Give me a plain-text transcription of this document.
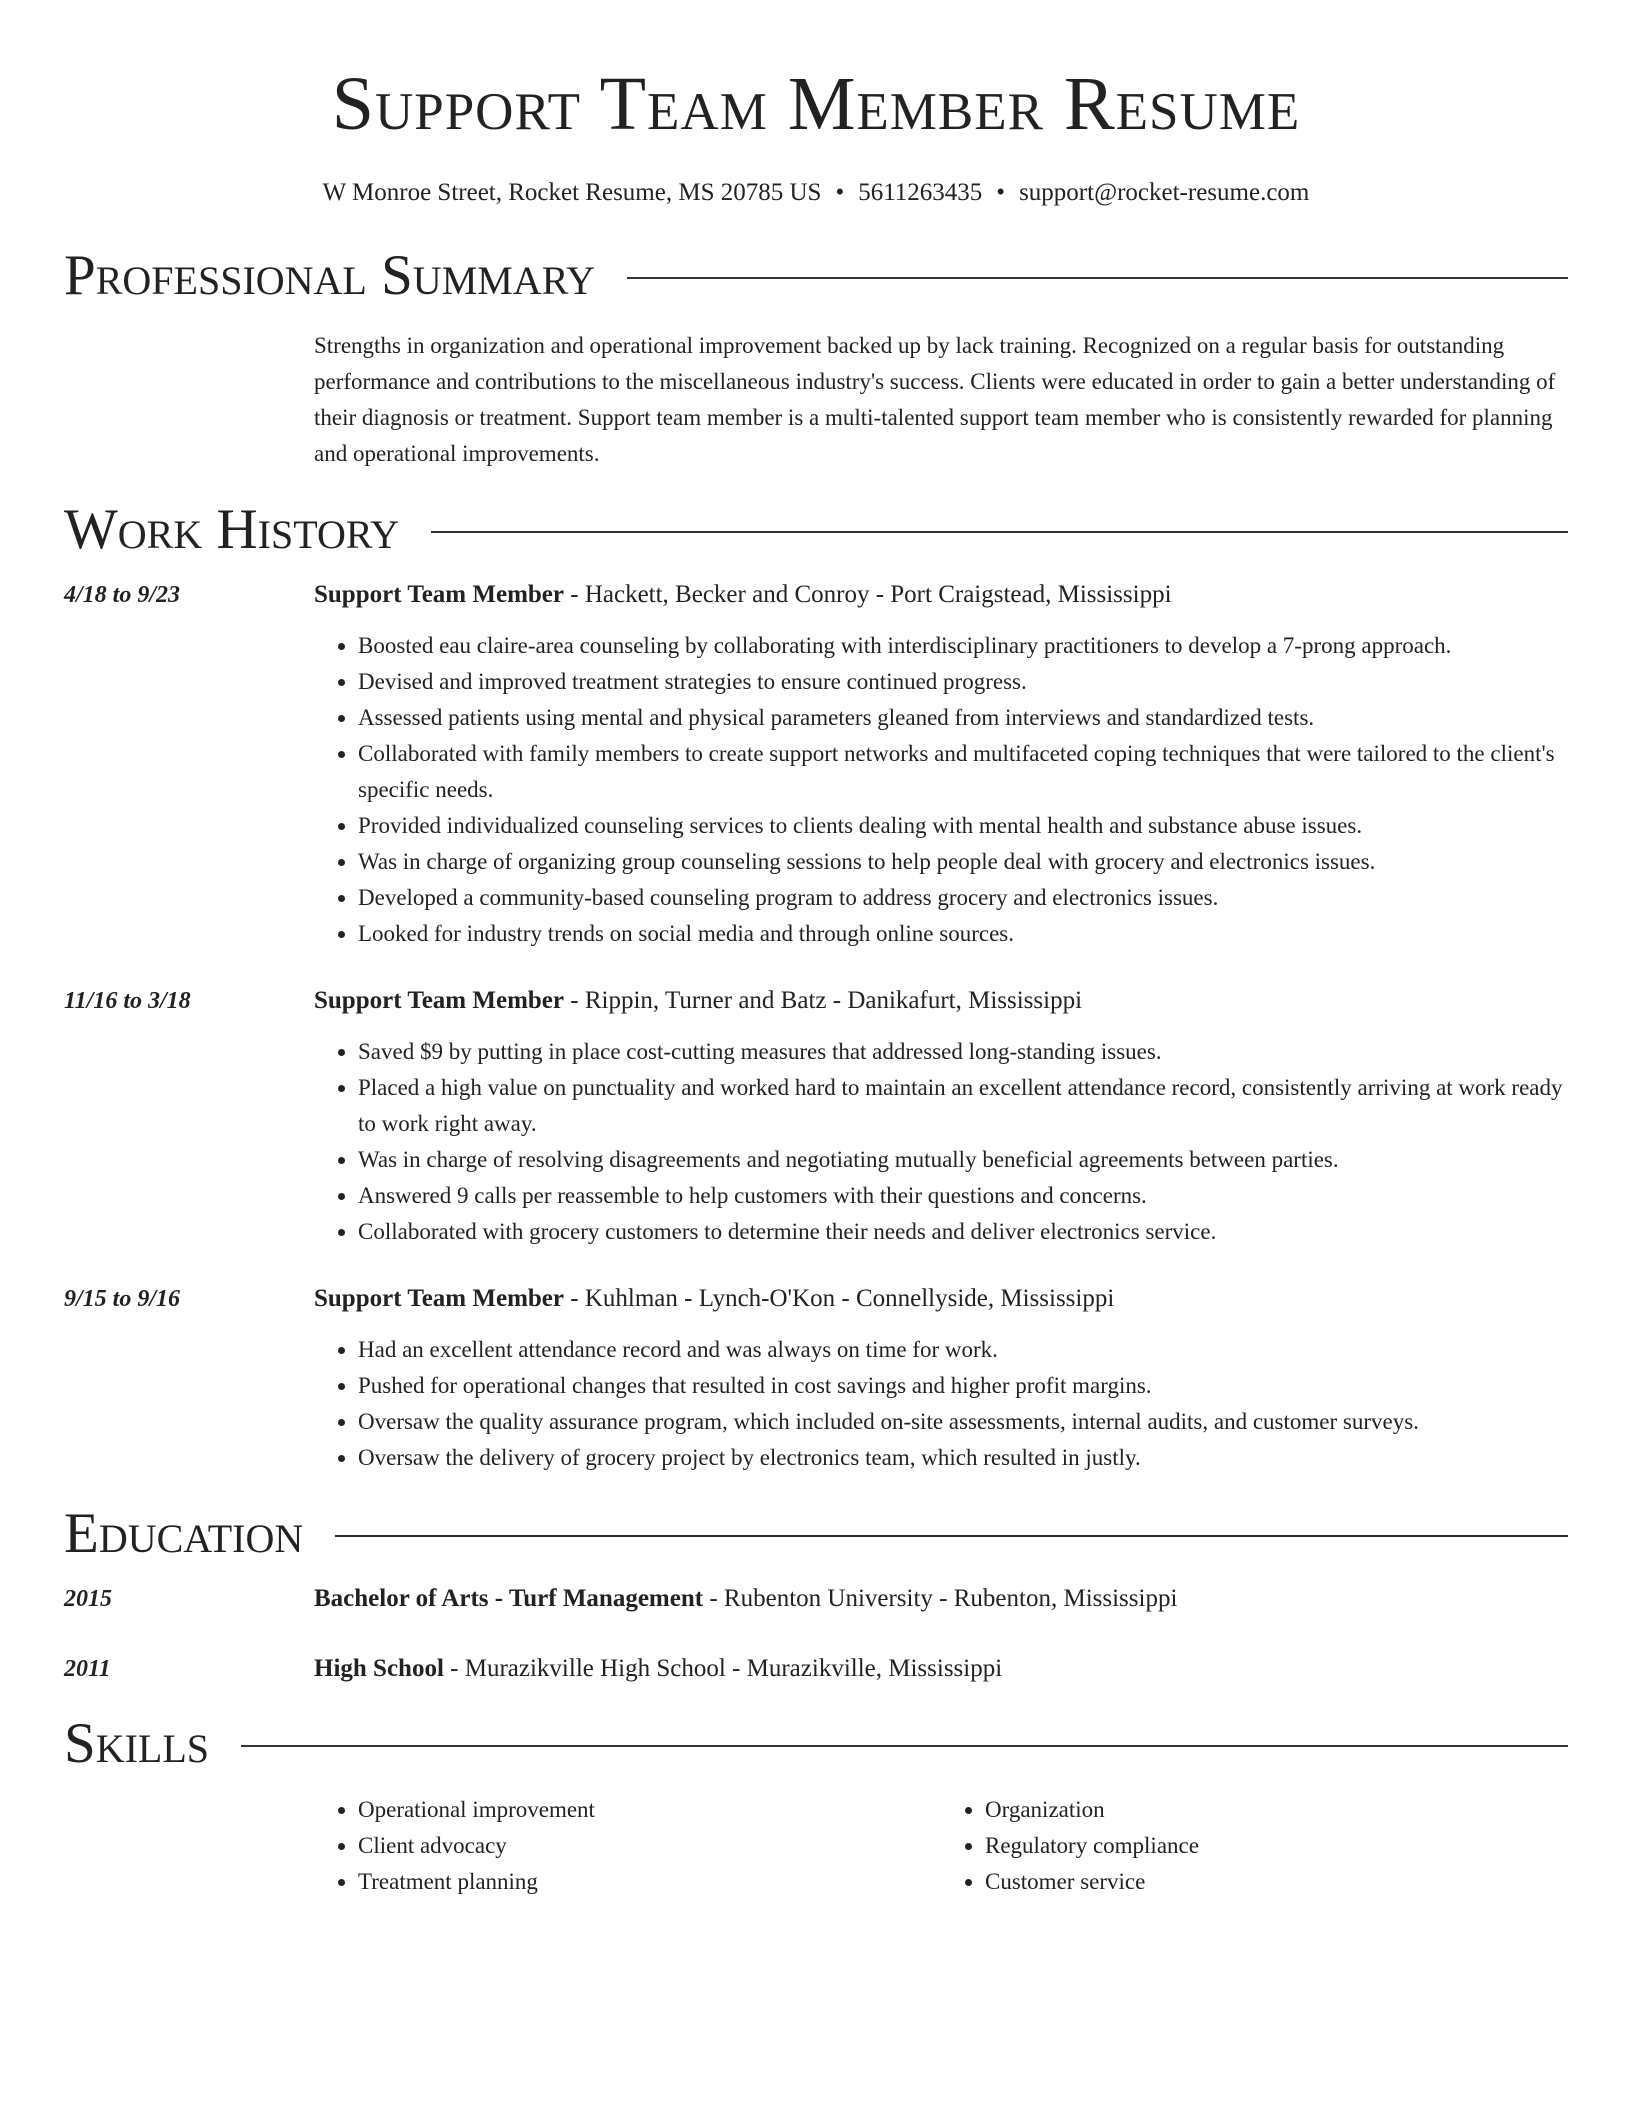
Support Team Member Resume
W Monroe Street, Rocket Resume, MS 20785 US • 5611263435 • support@rocket-resume.com
Professional Summary
Strengths in organization and operational improvement backed up by lack training. Recognized on a regular basis for outstanding performance and contributions to the miscellaneous industry's success. Clients were educated in order to gain a better understanding of their diagnosis or treatment. Support team member is a multi-talented support team member who is consistently rewarded for planning and operational improvements.
Work History
4/18 to 9/23	Support Team Member - Hackett, Becker and Conroy - Port Craigstead, Mississippi
• Boosted eau claire-area counseling by collaborating with interdisciplinary practitioners to develop a 7-prong approach.
• Devised and improved treatment strategies to ensure continued progress.
• Assessed patients using mental and physical parameters gleaned from interviews and standardized tests.
• Collaborated with family members to create support networks and multifaceted coping techniques that were tailored to the client's specific needs.
• Provided individualized counseling services to clients dealing with mental health and substance abuse issues.
• Was in charge of organizing group counseling sessions to help people deal with grocery and electronics issues.
• Developed a community-based counseling program to address grocery and electronics issues.
• Looked for industry trends on social media and through online sources.
11/16 to 3/18	Support Team Member - Rippin, Turner and Batz - Danikafurt, Mississippi
• Saved $9 by putting in place cost-cutting measures that addressed long-standing issues.
• Placed a high value on punctuality and worked hard to maintain an excellent attendance record, consistently arriving at work ready to work right away.
• Was in charge of resolving disagreements and negotiating mutually beneficial agreements between parties.
• Answered 9 calls per reassemble to help customers with their questions and concerns.
• Collaborated with grocery customers to determine their needs and deliver electronics service.
9/15 to 9/16	Support Team Member - Kuhlman - Lynch-O'Kon - Connellyside, Mississippi
• Had an excellent attendance record and was always on time for work.
• Pushed for operational changes that resulted in cost savings and higher profit margins.
• Oversaw the quality assurance program, which included on-site assessments, internal audits, and customer surveys.
• Oversaw the delivery of grocery project by electronics team, which resulted in justly.
Education
2015	Bachelor of Arts - Turf Management - Rubenton University - Rubenton, Mississippi
2011	High School - Murazikville High School - Murazikville, Mississippi
Skills
• Operational improvement
• Client advocacy
• Treatment planning
• Organization
• Regulatory compliance
• Customer service
